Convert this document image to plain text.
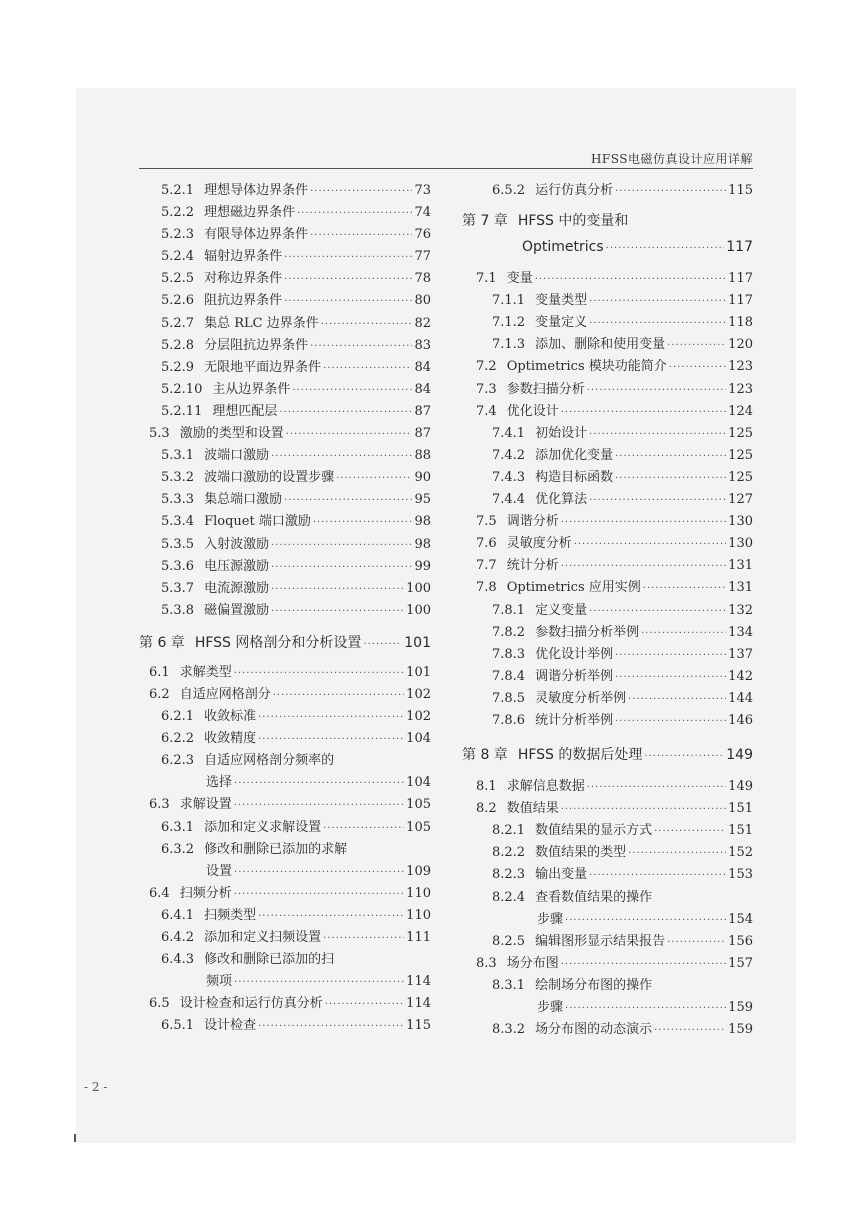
HFSS电磁仿真设计应用详解
5.2.1 理想导体边界条件 ·····	73
5.2.2 理想磁边界条件 ·····	74
5.2.3 有限导体边界条件 ·····	76
5.2.4 辐射边界条件 ·····	77
5.2.5 对称边界条件 ·····	78
5.2.6 阻抗边界条件 ·····	80
5.2.7 集总 RLC 边界条件 ·····	82
5.2.8 分层阻抗边界条件 ·····	83
5.2.9 无限地平面边界条件 ·····	84
5.2.10 主从边界条件 ·····	84
5.2.11 理想匹配层 ·····	87
5.3 激励的类型和设置 ·····	87
5.3.1 波端口激励 ·····	88
5.3.2 波端口激励的设置步骤 ·····	90
5.3.3 集总端口激励 ·····	95
5.3.4 Floquet 端口激励 ·····	98
5.3.5 入射波激励 ·····	98
5.3.6 电压源激励 ·····	99
5.3.7 电流源激励 ·····	100
5.3.8 磁偏置激励 ·····	100
第 6 章 HFSS 网格剖分和分析设置 ·····	101
6.1 求解类型 ·····	101
6.2 自适应网格剖分 ·····	102
6.2.1 收敛标准 ·····	102
6.2.2 收敛精度 ·····	104
6.2.3 自适应网格剖分频率的
选择 ·····	104
6.3 求解设置 ·····	105
6.3.1 添加和定义求解设置 ·····	105
6.3.2 修改和删除已添加的求解
设置 ·····	109
6.4 扫频分析 ·····	110
6.4.1 扫频类型 ·····	110
6.4.2 添加和定义扫频设置 ·····	111
6.4.3 修改和删除已添加的扫
频项 ·····	114
6.5 设计检查和运行仿真分析 ·····	114
6.5.1 设计检查 ·····	115
6.5.2 运行仿真分析 ·····	115
第 7 章 HFSS 中的变量和
Optimetrics ·····	117
7.1 变量 ·····	117
7.1.1 变量类型 ·····	117
7.1.2 变量定义 ·····	118
7.1.3 添加、删除和使用变量 ·····	120
7.2 Optimetrics 模块功能简介 ·····	123
7.3 参数扫描分析 ·····	123
7.4 优化设计 ·····	124
7.4.1 初始设计 ·····	125
7.4.2 添加优化变量 ·····	125
7.4.3 构造目标函数 ·····	125
7.4.4 优化算法 ·····	127
7.5 调谐分析 ·····	130
7.6 灵敏度分析 ·····	130
7.7 统计分析 ·····	131
7.8 Optimetrics 应用实例 ·····	131
7.8.1 定义变量 ·····	132
7.8.2 参数扫描分析举例 ·····	134
7.8.3 优化设计举例 ·····	137
7.8.4 调谐分析举例 ·····	142
7.8.5 灵敏度分析举例 ·····	144
7.8.6 统计分析举例 ·····	146
第 8 章 HFSS 的数据后处理 ·····	149
8.1 求解信息数据 ·····	149
8.2 数值结果 ·····	151
8.2.1 数值结果的显示方式 ·····	151
8.2.2 数值结果的类型 ·····	152
8.2.3 输出变量 ·····	153
8.2.4 查看数值结果的操作
步骤 ·····	154
8.2.5 编辑图形显示结果报告 ·····	156
8.3 场分布图 ·····	157
8.3.1 绘制场分布图的操作
步骤 ·····	159
8.3.2 场分布图的动态演示 ·····	159
- 2 -
